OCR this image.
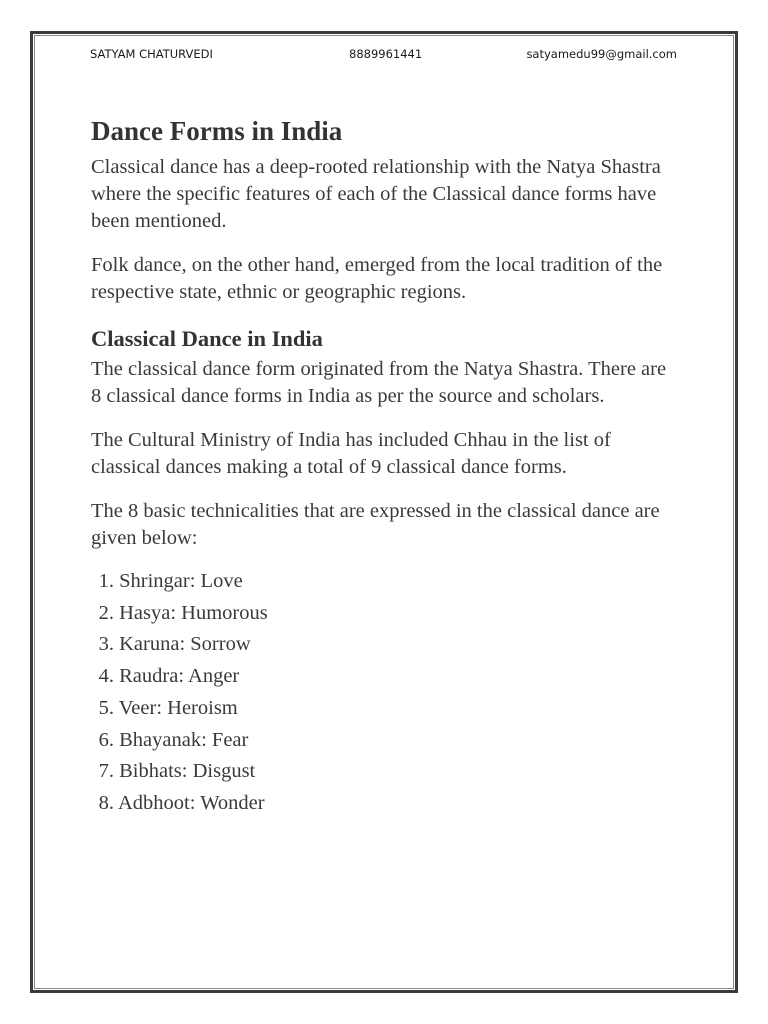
SATYAM CHATURVEDI	8889961441	satyamedu99@gmail.com
Dance Forms in India

Classical dance has a deep-rooted relationship with the Natya Shastra where the specific features of each of the Classical dance forms have been mentioned.

Folk dance, on the other hand, emerged from the local tradition of the respective state, ethnic or geographic regions.

Classical Dance in India

The classical dance form originated from the Natya Shastra. There are 8 classical dance forms in India as per the source and scholars.

The Cultural Ministry of India has included Chhau in the list of classical dances making a total of 9 classical dance forms.

The 8 basic technicalities that are expressed in the classical dance are given below:

1. Shringar: Love
2. Hasya: Humorous
3. Karuna: Sorrow
4. Raudra: Anger
5. Veer: Heroism
6. Bhayanak: Fear
7. Bibhats: Disgust
8. Adbhoot: Wonder
